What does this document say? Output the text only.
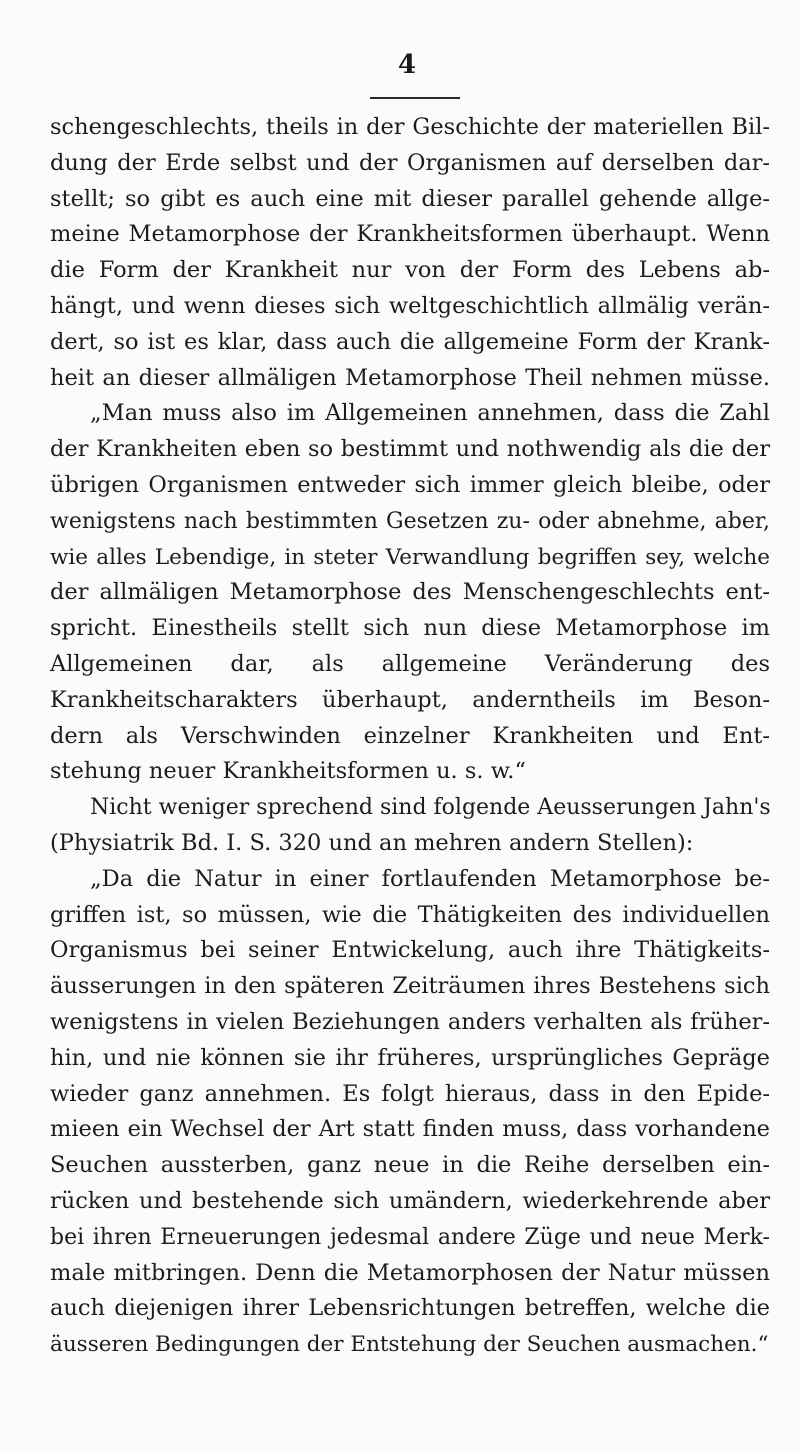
4
schengeschlechts, theils in der Geschichte der materiellen Bil-
dung der Erde selbst und der Organismen auf derselben dar-
stellt; so gibt es auch eine mit dieser parallel gehende allge-
meine Metamorphose der Krankheitsformen überhaupt. Wenn
die Form der Krankheit nur von der Form des Lebens ab-
hängt, und wenn dieses sich weltgeschichtlich allmälig verän-
dert, so ist es klar, dass auch die allgemeine Form der Krank-
heit an dieser allmäligen Metamorphose Theil nehmen müsse.
„Man muss also im Allgemeinen annehmen, dass die Zahl
der Krankheiten eben so bestimmt und nothwendig als die der
übrigen Organismen entweder sich immer gleich bleibe, oder
wenigstens nach bestimmten Gesetzen zu- oder abnehme, aber,
wie alles Lebendige, in steter Verwandlung begriffen sey, welche
der allmäligen Metamorphose des Menschengeschlechts ent-
spricht. Einestheils stellt sich nun diese Metamorphose im
Allgemeinen dar, als allgemeine Veränderung des
Krankheitscharakters überhaupt, anderntheils im Beson-
dern als Verschwinden einzelner Krankheiten und Ent-
stehung neuer Krankheitsformen u. s. w.“
Nicht weniger sprechend sind folgende Aeusserungen Jahn's
(Physiatrik Bd. I. S. 320 und an mehren andern Stellen):
„Da die Natur in einer fortlaufenden Metamorphose be-
griffen ist, so müssen, wie die Thätigkeiten des individuellen
Organismus bei seiner Entwickelung, auch ihre Thätigkeits-
äusserungen in den späteren Zeiträumen ihres Bestehens sich
wenigstens in vielen Beziehungen anders verhalten als früher-
hin, und nie können sie ihr früheres, ursprüngliches Gepräge
wieder ganz annehmen. Es folgt hieraus, dass in den Epide-
mieen ein Wechsel der Art statt finden muss, dass vorhandene
Seuchen aussterben, ganz neue in die Reihe derselben ein-
rücken und bestehende sich umändern, wiederkehrende aber
bei ihren Erneuerungen jedesmal andere Züge und neue Merk-
male mitbringen. Denn die Metamorphosen der Natur müssen
auch diejenigen ihrer Lebensrichtungen betreffen, welche die
äusseren Bedingungen der Entstehung der Seuchen ausmachen.“
